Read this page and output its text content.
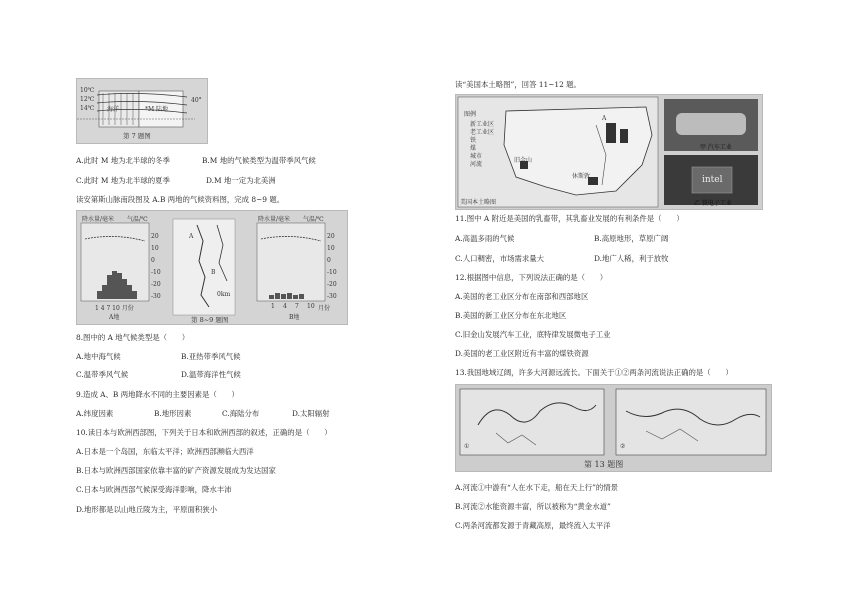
10℃
12℃
14℃ 海洋	*M 陆地
40°
第 7 题图
A.此时 M 地为北半球的冬季	B.M 地的气候类型为温带季风气候
C.此时 M 地为北半球的夏季	D.M 地一定为北美洲
读安第斯山脉南段图及 A.B 两地的气候资料图，完成 8~9 题。
降水量/毫米 气温/℃
20
10
0
-10
-20
-30
1 4 7 10 月份
A地
A
B
0km
降水量/毫米 气温/℃
20
10
0
-10
-20
-30
1 4 7 10 月份
B地
第 8~9 题图
8.图中的 A 地气候类型是（　　）
A.地中海气候	B.亚热带季风气候
C.温带季风气候	D.温带海洋性气候
9.造成 A、B 两地降水不同的主要因素是（　　）
A.纬度因素	B.地形因素	C.海陆分布	D.太阳辐射
10.读日本与欧洲西部图，下列关于日本和欧洲西部的叙述，正确的是（　　）
A.日本是一个岛国，东临太平洋；欧洲西部濒临大西洋
B.日本与欧洲西部国家依靠丰富的矿产资源发展成为发达国家
C.日本与欧洲西部气候深受海洋影响，降水丰沛
D.地形都是以山地丘陵为主，平原面积狭小
读“美国本土略图”，回答 11~12 题。
图例
新工业区
老工业区
铁
煤
城市
河流
旧金山
休斯敦
A
美国本土略图
甲 汽车工业
intel
乙 微电子工业
11.图中 A 附近是美国的乳畜带，其乳畜业发展的有利条件是（　　）
A.高温多雨的气候	B.高原地形，草原广阔
C.人口稠密，市场需求量大	D.地广人稀，利于放牧
12.根据图中信息，下列说法正确的是（　　）
A.美国的老工业区分布在南部和西部地区
B.美国的新工业区分布在东北地区
C.旧金山发展汽车工业，底特律发展微电子工业
D.美国的老工业区附近有丰富的煤铁资源
13.我国地域辽阔，许多大河源远流长。下面关于①②两条河流说法正确的是（　　）
①	②
第 13 题图
A.河流①中游有“人在水下走，船在天上行”的情景
B.河流②水能资源丰富，所以被称为“黄金水道”
C.两条河流都发源于青藏高原，最终流入太平洋
